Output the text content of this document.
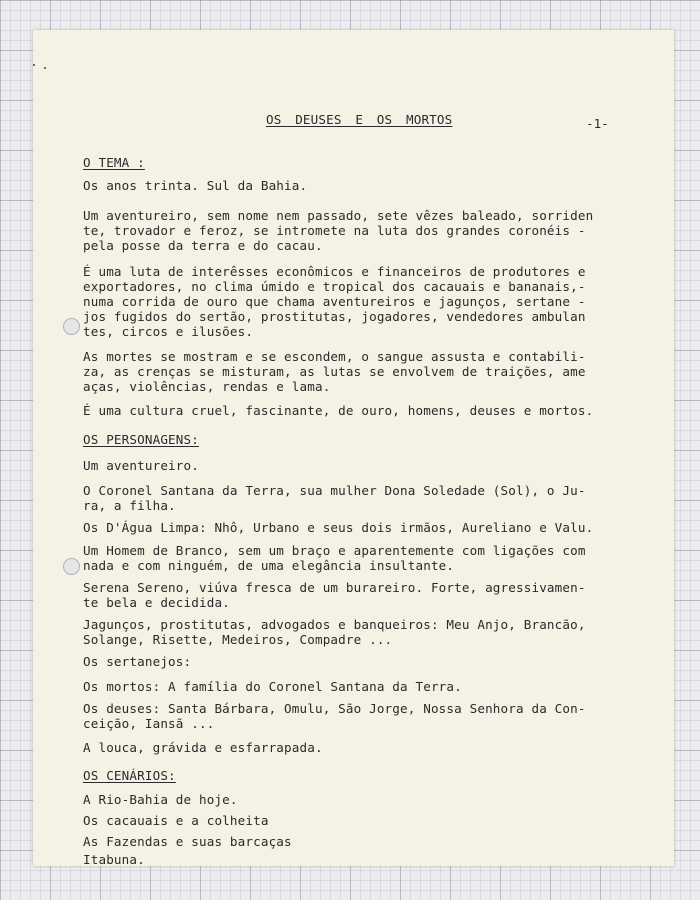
OS DEUSES E OS MORTOS	-1-

O TEMA :

Os anos trinta. Sul da Bahia.

Um aventureiro, sem nome nem passado, sete vêzes baleado, sorriden

te, trovador e feroz, se intromete na luta dos grandes coronéis -

pela posse da terra e do cacau.

É uma luta de interêsses econômicos e financeiros de produtores e

exportadores, no clima úmido e tropical dos cacauais e bananais,-

numa corrida de ouro que chama aventureiros e jagunços, sertane -

jos fugidos do sertão, prostitutas, jogadores, vendedores ambulan

tes, circos e ilusões.

As mortes se mostram e se escondem, o sangue assusta e contabili-

za, as crenças se misturam, as lutas se envolvem de traições, ame

aças, violências, rendas e lama.

É uma cultura cruel, fascinante, de ouro, homens, deuses e mortos.

OS PERSONAGENS:

Um aventureiro.

O Coronel Santana da Terra, sua mulher Dona Soledade (Sol), o Ju-

ra, a filha.

Os D'Água Limpa: Nhô, Urbano e seus dois irmãos, Aureliano e Valu.

Um Homem de Branco, sem um braço e aparentemente com ligações com

nada e com ninguém, de uma elegância insultante.

Serena Sereno, viúva fresca de um burareiro. Forte, agressivamen-

te bela e decidida.

Jagunços, prostitutas, advogados e banqueiros: Meu Anjo, Brancão,

Solange, Risette, Medeiros, Compadre ...

Os sertanejos:

Os mortos: A família do Coronel Santana da Terra.

Os deuses: Santa Bárbara, Omulu, São Jorge, Nossa Senhora da Con-

ceição, Iansã ...

A louca, grávida e esfarrapada.

OS CENÁRIOS:

A Rio-Bahia de hoje.

Os cacauais e a colheita

As Fazendas e suas barcaças

Itabuna.
